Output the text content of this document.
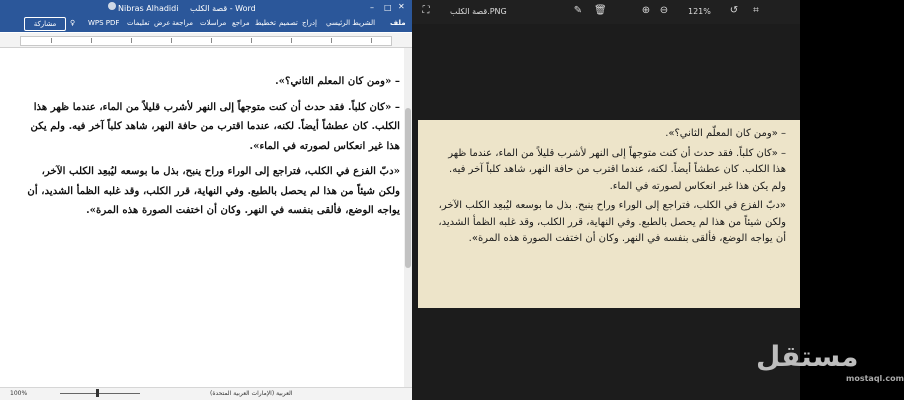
قصة الكلب - Word
Nibras Alhadidi	– □ ✕
مشاركة	ملف
الشريط الرئيسي
إدراج
تصميم
تخطيط
مراجع
مراسلات
مراجعة
عرض
تعليمات
WPS PDF
♀

– «ومن كان المعلم الثاني؟».

– «كان كلباً. فقد حدث أن كنت متوجهاً إلى النهر لأشرب قليلاً من الماء، عندما ظهر هذا الكلب. كان عطشاً أيضاً. لكنه، عندما اقترب من حافة النهر، شاهد كلباً آخر فيه. ولم يكن هذا غير انعكاس لصورته في الماء».

«دبّ الفزع في الكلب، فتراجع إلى الوراء وراح ينبح، بذل ما بوسعه ليُبعِد الكلب الآخر، ولكن شيئاً من هذا لم يحصل بالطبع. وفي النهاية، قرر الكلب، وقد غلبه الظمأ الشديد، أن يواجه الوضع، فألقى بنفسه في النهر. وكان أن اختفت الصورة هذه المرة».

100%	العربية (الإمارات العربية المتحدة)
⛶	قصة الكلب.PNG	✎ 🗑	⊕ ⊖ 121% ↺	⌗

– «ومن كان المعلّم الثاني؟».

– «كان كلباً. فقد حدث أن كنت متوجهاً إلى النهر لأشرب قليلاً من الماء، عندما ظهر هذا الكلب. كان عطشاً أيضاً. لكنه، عندما اقترب من حافة النهر، شاهد كلباً آخر فيه. ولم يكن هذا غير انعكاس لصورته في الماء.

«دبّ الفزع في الكلب، فتراجع إلى الوراء وراح ينبح. بذل ما بوسعه ليُبعِد الكلب الآخر، ولكن شيئاً من هذا لم يحصل بالطبع. وفي النهاية، قرر الكلب، وقد غلبه الظمأ الشديد، أن يواجه الوضع، فألقى بنفسه في النهر. وكان أن اختفت الصورة هذه المرة».

مستقل
mostaql.com
